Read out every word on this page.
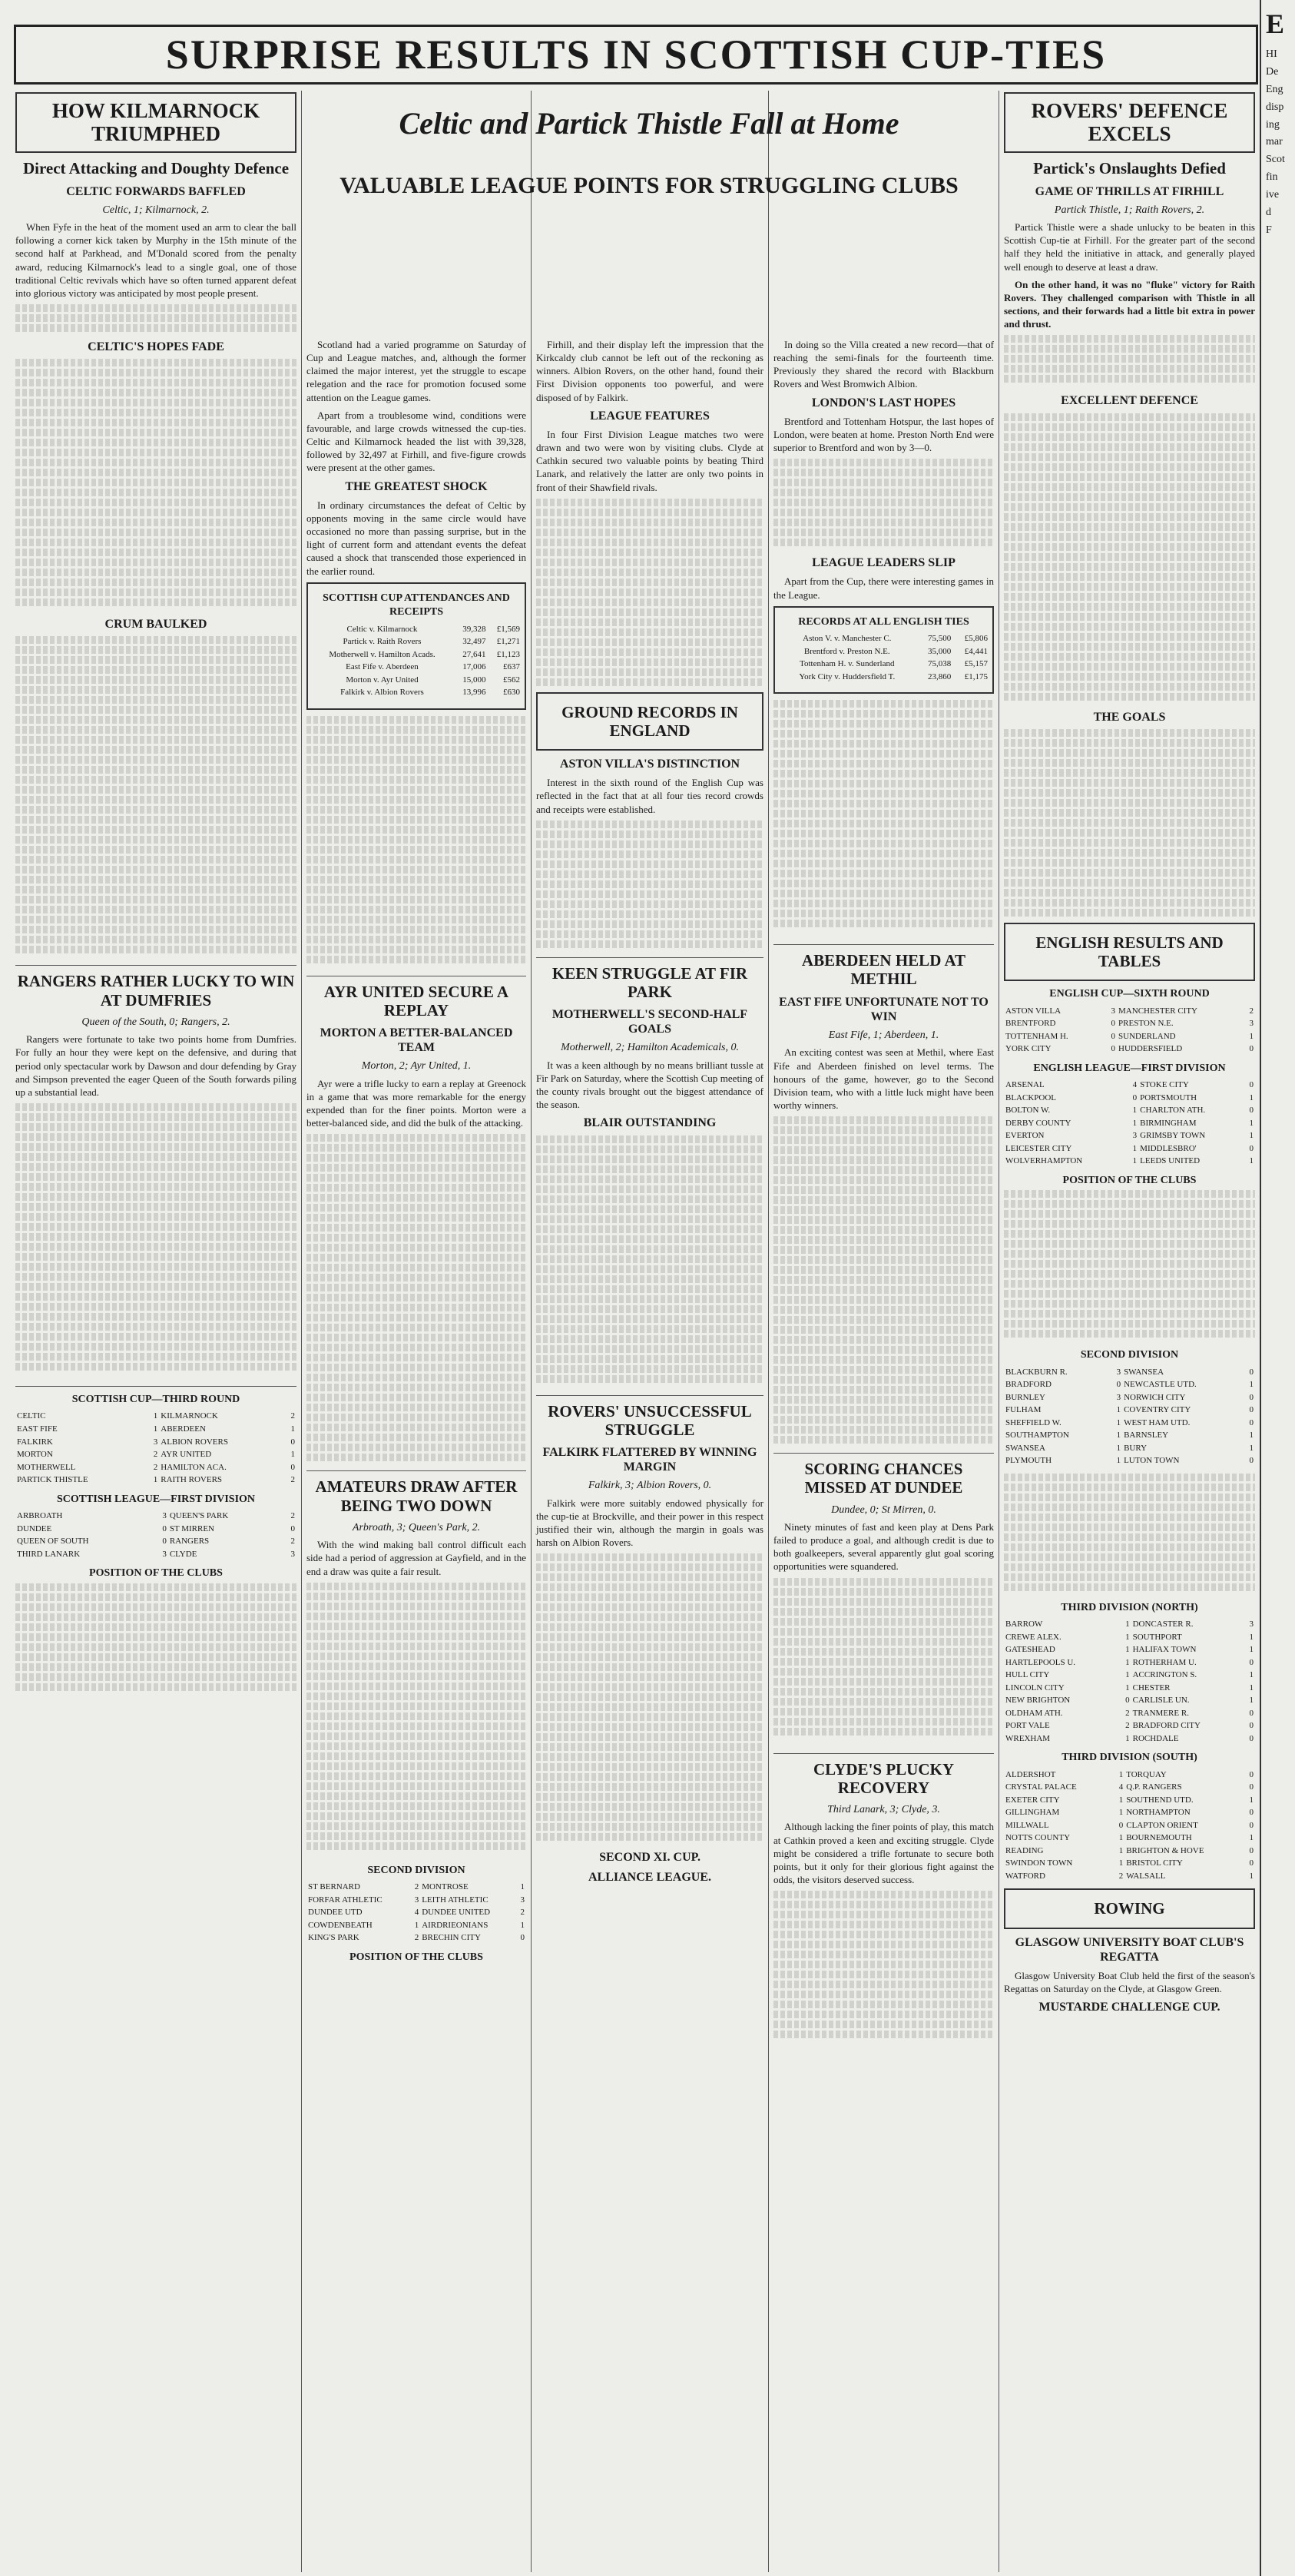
SURPRISE RESULTS IN SCOTTISH CUP-TIES
E
HI
De
Eng
disp
ing
mar
Scot
fin
ive
d
F
HOW KILMARNOCK TRIUMPHED
Direct Attacking and Doughty Defence
CELTIC FORWARDS BAFFLED
Celtic, 1; Kilmarnock, 2.

When Fyfe in the heat of the moment used an arm to clear the ball following a corner kick taken by Murphy in the 15th minute of the second half at Parkhead, and M'Donald scored from the penalty award, reducing Kilmarnock's lead to a single goal, one of those traditional Celtic revivals which have so often turned apparent defeat into glorious victory was anticipated by most people present.

CELTIC'S HOPES FADE
CRUM BAULKED
RANGERS RATHER LUCKY TO WIN AT DUMFRIES
Queen of the South, 0; Rangers, 2.

Rangers were fortunate to take two points home from Dumfries. For fully an hour they were kept on the defensive, and during that period only spectacular work by Dawson and dour defending by Gray and Simpson prevented the eager Queen of the South forwards piling up a substantial lead.

SCOTTISH CUP—THIRD ROUND
CELTIC	1	KILMARNOCK	2
EAST FIFE	1	ABERDEEN	1
FALKIRK	3	ALBION ROVERS	0
MORTON	2	AYR UNITED	1
MOTHERWELL	2	HAMILTON ACA.	0
PARTICK THISTLE	1	RAITH ROVERS	2
SCOTTISH LEAGUE—FIRST DIVISION
ARBROATH	3	QUEEN'S PARK	2
DUNDEE	0	ST MIRREN	0
QUEEN OF SOUTH	0	RANGERS	2
THIRD LANARK	3	CLYDE	3
POSITION OF THE CLUBS
Celtic and Partick Thistle Fall at Home
VALUABLE LEAGUE POINTS FOR STRUGGLING CLUBS

Scotland had a varied programme on Saturday of Cup and League matches, and, although the former claimed the major interest, yet the struggle to escape relegation and the race for promotion focused some attention on the League games.

Apart from a troublesome wind, conditions were favourable, and large crowds witnessed the cup-ties. Celtic and Kilmarnock headed the list with 39,328, followed by 32,497 at Firhill, and five-figure crowds were present at the other games.

THE GREATEST SHOCK

In ordinary circumstances the defeat of Celtic by opponents moving in the same circle would have occasioned no more than passing surprise, but in the light of current form and attendant events the defeat caused a shock that transcended those experienced in the earlier round.

SCOTTISH CUP ATTENDANCES AND RECEIPTS
Celtic v. Kilmarnock	39,328	£1,569
Partick v. Raith Rovers	32,497	£1,271
Motherwell v. Hamilton Acads.	27,641	£1,123
East Fife v. Aberdeen	17,006	£637
Morton v. Ayr United	15,000	£562
Falkirk v. Albion Rovers	13,996	£630
AYR UNITED SECURE A REPLAY
MORTON A BETTER-BALANCED TEAM
Morton, 2; Ayr United, 1.

Ayr were a trifle lucky to earn a replay at Greenock in a game that was more remarkable for the energy expended than for the finer points. Morton were a better-balanced side, and did the bulk of the attacking.

AMATEURS DRAW AFTER BEING TWO DOWN
Arbroath, 3; Queen's Park, 2.

With the wind making ball control difficult each side had a period of aggression at Gayfield, and in the end a draw was quite a fair result.

SECOND DIVISION
ST BERNARD	2	MONTROSE	1
FORFAR ATHLETIC	3	LEITH ATHLETIC	3
DUNDEE UTD	4	DUNDEE UNITED	2
COWDENBEATH	1	AIRDRIEONIANS	1
KING'S PARK	2	BRECHIN CITY	0
POSITION OF THE CLUBS

Firhill, and their display left the impression that the Kirkcaldy club cannot be left out of the reckoning as winners. Albion Rovers, on the other hand, found their First Division opponents too powerful, and were disposed of by Falkirk.

LEAGUE FEATURES

In four First Division League matches two were drawn and two were won by visiting clubs. Clyde at Cathkin secured two valuable points by beating Third Lanark, and relatively the latter are only two points in front of their Shawfield rivals.

GROUND RECORDS IN ENGLAND
ASTON VILLA'S DISTINCTION

Interest in the sixth round of the English Cup was reflected in the fact that at all four ties record crowds and receipts were established.

KEEN STRUGGLE AT FIR PARK
MOTHERWELL'S SECOND-HALF GOALS
Motherwell, 2; Hamilton Academicals, 0.

It was a keen although by no means brilliant tussle at Fir Park on Saturday, where the Scottish Cup meeting of the county rivals brought out the biggest attendance of the season.

BLAIR OUTSTANDING
ROVERS' UNSUCCESSFUL STRUGGLE
FALKIRK FLATTERED BY WINNING MARGIN
Falkirk, 3; Albion Rovers, 0.

Falkirk were more suitably endowed physically for the cup-tie at Brockville, and their power in this respect justified their win, although the margin in goals was harsh on Albion Rovers.

SECOND XI. CUP.
ALLIANCE LEAGUE.

In doing so the Villa created a new record—that of reaching the semi-finals for the fourteenth time. Previously they shared the record with Blackburn Rovers and West Bromwich Albion.

LONDON'S LAST HOPES

Brentford and Tottenham Hotspur, the last hopes of London, were beaten at home. Preston North End were superior to Brentford and won by 3—0.

LEAGUE LEADERS SLIP

Apart from the Cup, there were interesting games in the League.

RECORDS AT ALL ENGLISH TIES
Aston V. v. Manchester C.	75,500	£5,806
Brentford v. Preston N.E.	35,000	£4,441
Tottenham H. v. Sunderland	75,038	£5,157
York City v. Huddersfield T.	23,860	£1,175
ABERDEEN HELD AT METHIL
EAST FIFE UNFORTUNATE NOT TO WIN
East Fife, 1; Aberdeen, 1.

An exciting contest was seen at Methil, where East Fife and Aberdeen finished on level terms. The honours of the game, however, go to the Second Division team, who with a little luck might have been worthy winners.

SCORING CHANCES MISSED AT DUNDEE
Dundee, 0; St Mirren, 0.

Ninety minutes of fast and keen play at Dens Park failed to produce a goal, and although credit is due to both goalkeepers, several apparently glut goal scoring opportunities were squandered.

CLYDE'S PLUCKY RECOVERY
Third Lanark, 3; Clyde, 3.

Although lacking the finer points of play, this match at Cathkin proved a keen and exciting struggle. Clyde might be considered a trifle fortunate to secure both points, but it only for their glorious fight against the odds, the visitors deserved success.

ROVERS' DEFENCE EXCELS
Partick's Onslaughts Defied
GAME OF THRILLS AT FIRHILL
Partick Thistle, 1; Raith Rovers, 2.

Partick Thistle were a shade unlucky to be beaten in this Scottish Cup-tie at Firhill. For the greater part of the second half they held the initiative in attack, and generally played well enough to deserve at least a draw.

On the other hand, it was no "fluke" victory for Raith Rovers. They challenged comparison with Thistle in all sections, and their forwards had a little bit extra in power and thrust.

EXCELLENT DEFENCE
THE GOALS
ENGLISH RESULTS AND TABLES
ENGLISH CUP—SIXTH ROUND
ASTON VILLA	3	MANCHESTER CITY	2
BRENTFORD	0	PRESTON N.E.	3
TOTTENHAM H.	0	SUNDERLAND	1
YORK CITY	0	HUDDERSFIELD	0
ENGLISH LEAGUE—FIRST DIVISION
ARSENAL	4	STOKE CITY	0
BLACKPOOL	0	PORTSMOUTH	1
BOLTON W.	1	CHARLTON ATH.	0
DERBY COUNTY	1	BIRMINGHAM	1
EVERTON	3	GRIMSBY TOWN	1
LEICESTER CITY	1	MIDDLESBRO'	0
WOLVERHAMPTON	1	LEEDS UNITED	1
POSITION OF THE CLUBS
SECOND DIVISION
BLACKBURN R.	3	SWANSEA	0
BRADFORD	0	NEWCASTLE UTD.	1
BURNLEY	3	NORWICH CITY	0
FULHAM	1	COVENTRY CITY	0
SHEFFIELD W.	1	WEST HAM UTD.	0
SOUTHAMPTON	1	BARNSLEY	1
SWANSEA	1	BURY	1
PLYMOUTH	1	LUTON TOWN	0
THIRD DIVISION (NORTH)
BARROW	1	DONCASTER R.	3
CREWE ALEX.	1	SOUTHPORT	1
GATESHEAD	1	HALIFAX TOWN	1
HARTLEPOOLS U.	1	ROTHERHAM U.	0
HULL CITY	1	ACCRINGTON S.	1
LINCOLN CITY	1	CHESTER	1
NEW BRIGHTON	0	CARLISLE UN.	1
OLDHAM ATH.	2	TRANMERE R.	0
PORT VALE	2	BRADFORD CITY	0
WREXHAM	1	ROCHDALE	0
THIRD DIVISION (SOUTH)
ALDERSHOT	1	TORQUAY	0
CRYSTAL PALACE	4	Q.P. RANGERS	0
EXETER CITY	1	SOUTHEND UTD.	1
GILLINGHAM	1	NORTHAMPTON	0
MILLWALL	0	CLAPTON ORIENT	0
NOTTS COUNTY	1	BOURNEMOUTH	1
READING	1	BRIGHTON & HOVE	0
SWINDON TOWN	1	BRISTOL CITY	0
WATFORD	2	WALSALL	1
ROWING
GLASGOW UNIVERSITY BOAT CLUB'S REGATTA

Glasgow University Boat Club held the first of the season's Regattas on Saturday on the Clyde, at Glasgow Green.

MUSTARDE CHALLENGE CUP.
